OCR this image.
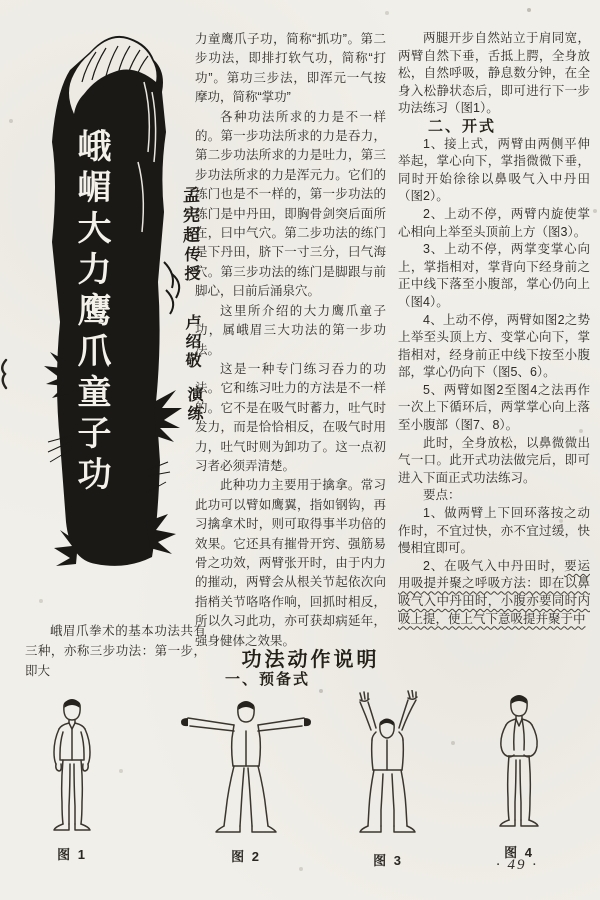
峨嵋大力鹰爪童子功	孟宪超
传授
卢绍敬
演练

峨眉爪拳术的基本功法共有三种，亦称三步功法：第一步，即大

力童鹰爪子功，简称“抓功”。第二步功法，即排打软气功，简称“打功”。第功三步法，即浑元一气按摩功，简称“掌功”

各种功法所求的力是不一样的。第一步功法所求的力是吞力，第二步功法所求的力是吐力，第三步功法所求的力是浑元力。它们的练门也是不一样的，第一步功法的练门是中丹田，即胸骨剑突后面所在，曰中气穴。第二步功法的练门是下丹田，脐下一寸三分，曰气海穴。第三步功法的练门是脚跟与前脚心，曰前后涌泉穴。

这里所介绍的大力鹰爪童子功，属峨眉三大功法的第一步功法。

这是一种专门练习吞力的功法。它和练习吐力的方法是不一样的。它不是在吸气时蓄力，吐气时发力，而是恰恰相反，在吸气时用力，吐气时则为卸功了。这一点初习者必须弄清楚。

此种功力主要用于擒拿。常习此功可以臂如鹰翼，指如钢钩，再习擒拿术时，则可取得事半功倍的效果。它还具有摧骨开窍、强筋易骨之功效，两臂张开时，由于内力的摧动，两臂会从根关节起依次向指梢关节咯咯作响，回抓时相反，所以久习此功，亦可获却病延年，强身健体之效果。

功法动作说明

一、预备式

两腿开步自然站立于肩同宽，两臂自然下垂，舌抵上腭，全身放松，自然呼吸，静息数分钟，在全身入松静状态后，即可进行下一步功法练习（图1）。

二、开式

1、接上式，两臂由两侧平伸举起，掌心向下，掌指微微下垂，同时开始徐徐以鼻吸气入中丹田（图2）。

2、上动不停，两臂内旋使掌心相向上举至头顶前上方（图3）。

3、上动不停，两掌变掌心向上，掌指相对，掌背向下经身前之正中线下落至小腹部，掌心仍向上（图4）。

4、上动不停，两臂如图2之势上举至头顶上方、变掌心向下，掌指相对，经身前正中线下按至小腹部，掌心仍向下（图5、6）。

5、两臂如图2至图4之法再作一次上下循环后，两掌掌心向上落至小腹部（图7、8）。

此时，全身放松，以鼻微微出气一口。此开式功法做完后，即可进入下面正式功法练习。

要点：

1、做两臂上下回环落按之动作时，不宜过快，亦不宜过缓，快慢相宜即可。

2、在吸气入中丹田时，要运用吸提并聚之呼吸方法：即在以鼻吸气入中丹田时，小腹亦要同时内吸上提，使上气下意吸提并聚于中

图 1	图 2	图 3
图 4
· 49 ·
